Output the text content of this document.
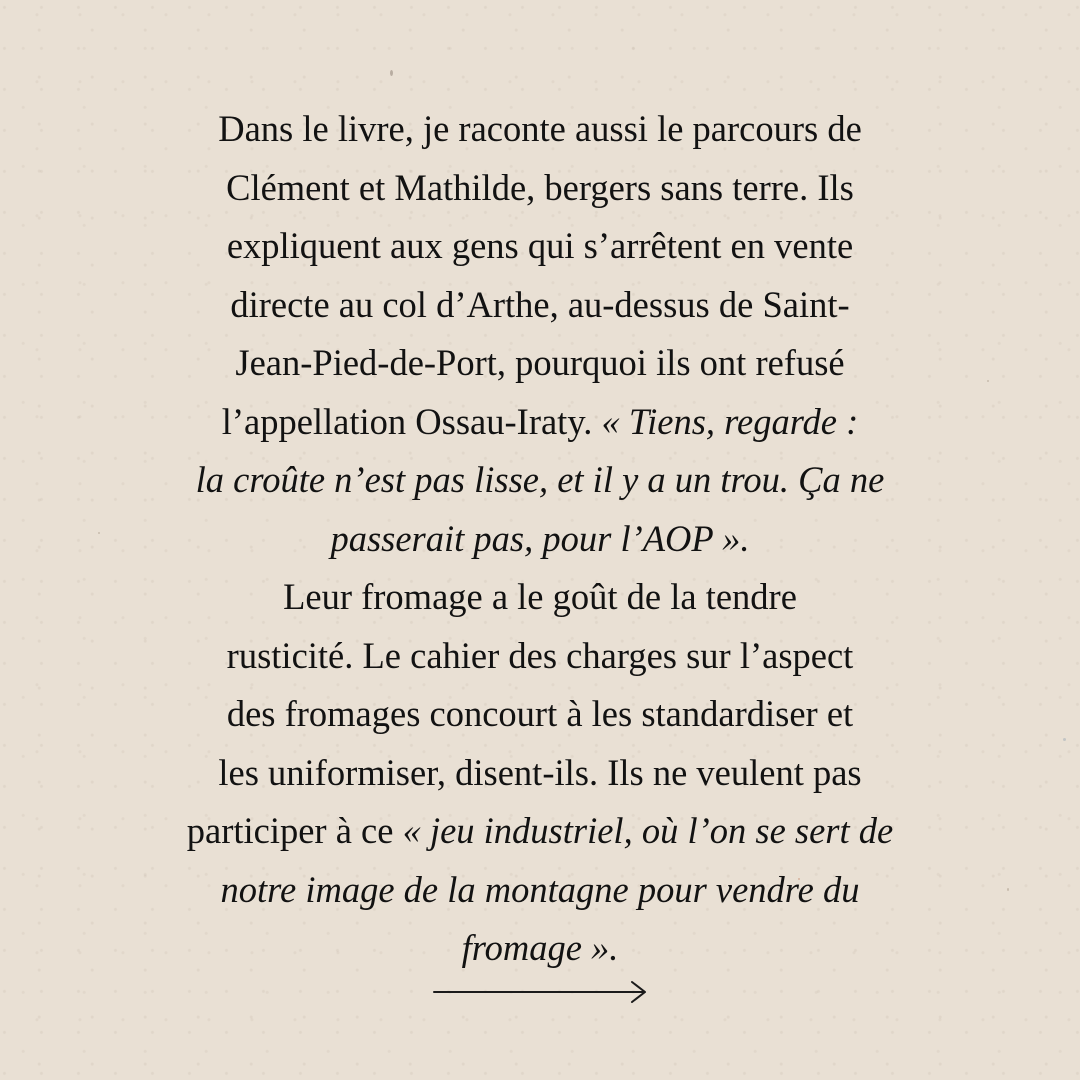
Dans le livre, je raconte aussi le parcours de
Clément et Mathilde, bergers sans terre. Ils
expliquent aux gens qui s’arrêtent en vente
directe au col d’Arthe, au-dessus de Saint-
Jean-Pied-de-Port, pourquoi ils ont refusé
l’appellation Ossau-Iraty. « Tiens, regarde :
la croûte n’est pas lisse, et il y a un trou. Ça ne
passerait pas, pour l’AOP ».
Leur fromage a le goût de la tendre
rusticité. Le cahier des charges sur l’aspect
des fromages concourt à les standardiser et
les uniformiser, disent-ils. Ils ne veulent pas
participer à ce « jeu industriel, où l’on se sert de
notre image de la montagne pour vendre du
fromage ».
